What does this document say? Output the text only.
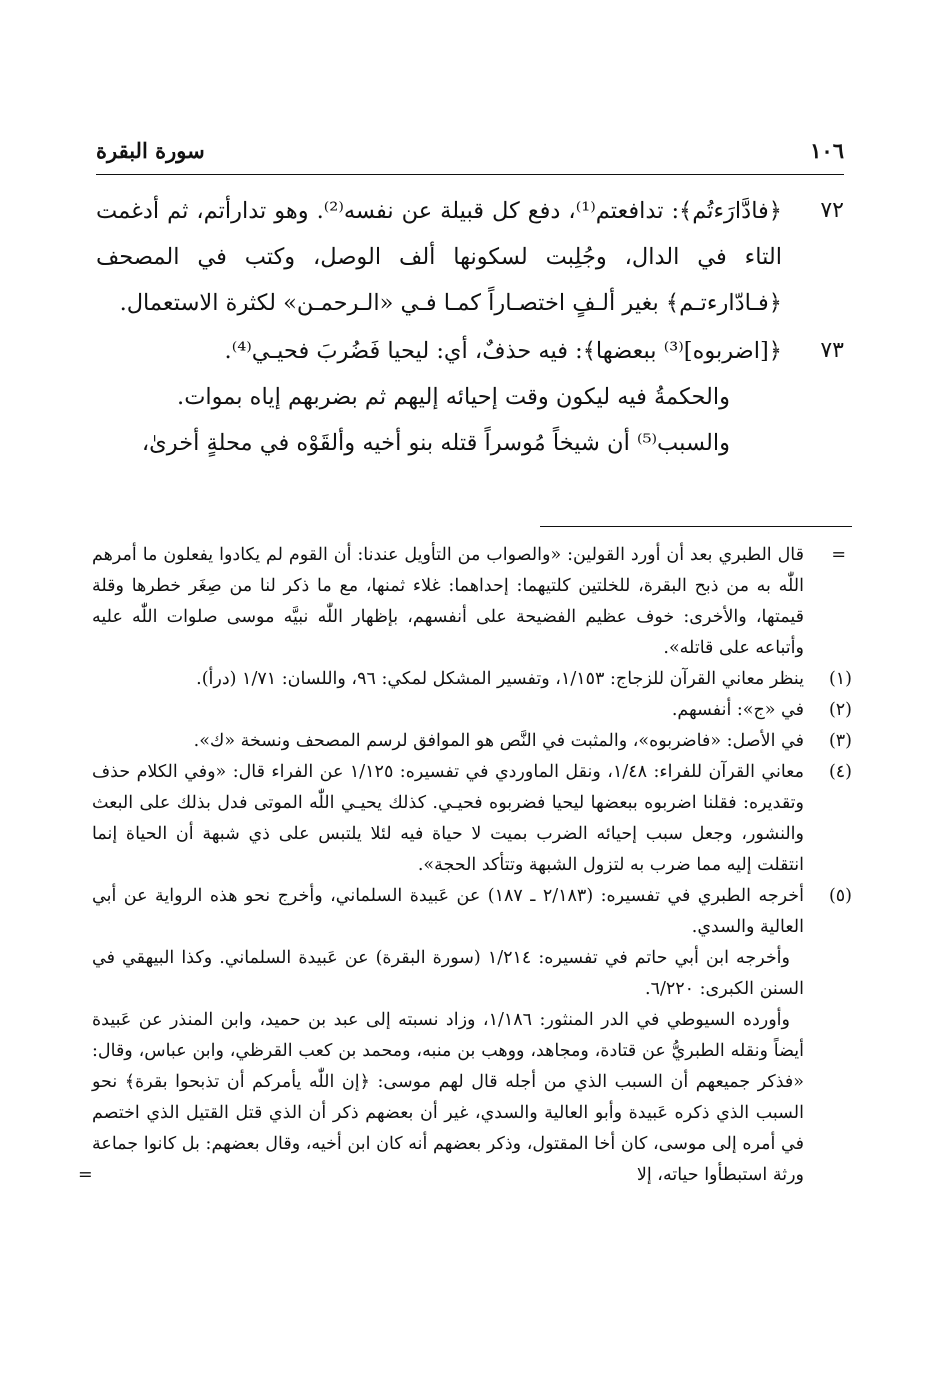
١٠٦
سورة البقرة
٧٢
﴿فادَّارَءتُم﴾: تدافعتم⁽¹⁾، دفع كل قبيلة عن نفسه⁽²⁾. وهو تدارأتم، ثم أدغمت التاء في الدال، وجُلِبت لسكونها ألف الوصل، وكتب في المصحف ﴿فـادّارءتـم﴾ بغير ألـفٍ اختصـاراً كمـا فـي «الـرحمـن» لكثرة الاستعمال.
٧٣
﴿[اضربوه]⁽³⁾ ببعضها﴾: فيه حذفٌ، أي: ليحيا فَضُربَ فحيـي⁽⁴⁾.
والحكمةُ فيه ليكون وقت إحيائه إليهم ثم بضربهم إياه بموات.
والسبب⁽⁵⁾ أن شيخاً مُوسراً قتله بنو أخيه وألقَوْه في محلةٍ أخرىٰ،
=
قال الطبري بعد أن أورد القولين: «والصواب من التأويل عندنا: أن القوم لم يكادوا يفعلون ما أمرهم اللّٰه به من ذبح البقرة، للخلتين كلتيهما: إحداهما: غلاء ثمنها، مع ما ذكر لنا من صِغَر خطرها وقلة قيمتها، والأخرى: خوف عظيم الفضيحة على أنفسهم، بإظهار اللّٰه نبيَّه موسى صلوات اللّٰه عليه وأتباعه على قاتله».
(١)
ينظر معاني القرآن للزجاج: ١/١٥٣، وتفسير المشكل لمكي: ٩٦، واللسان: ١/٧١ (درأ).
(٢)
في «ج»: أنفسهم.
(٣)
في الأصل: «فاضربوه»، والمثبت في النَّص هو الموافق لرسم المصحف ونسخة «ك».
(٤)
معاني القرآن للفراء: ١/٤٨، ونقل الماوردي في تفسيره: ١/١٢٥ عن الفراء قال: «وفي الكلام حذف وتقديره: فقلنا اضربوه ببعضها ليحيا فضربوه فحيـي. كذلك يحيـي اللّٰه الموتى فدل بذلك على البعث والنشور، وجعل سبب إحيائه الضرب بميت لا حياة فيه لئلا يلتبس على ذي شبهة أن الحياة إنما انتقلت إليه مما ضرب به لتزول الشبهة وتتأكد الحجة».
(٥)
أخرجه الطبري في تفسيره: (٢/١٨٣ ـ ١٨٧) عن عَبيدة السلماني، وأخرج نحو هذه الرواية عن أبي العالية والسدي.
وأخرجه ابن أبي حاتم في تفسيره: ١/٢١٤ (سورة البقرة) عن عَبيدة السلماني. وكذا البيهقي في السنن الكبرى: ٦/٢٢٠.
وأورده السيوطي في الدر المنثور: ١/١٨٦، وزاد نسبته إلى عبد بن حميد، وابن المنذر عن عَبيدة أيضاً ونقله الطبريُّ عن قتادة، ومجاهد، ووهب بن منبه، ومحمد بن كعب القرظي، وابن عباس، وقال: «فذكر جميعهم أن السبب الذي من أجله قال لهم موسى: ﴿إن اللّٰه يأمركم أن تذبحوا بقرة﴾ نحو السبب الذي ذكره عَبيدة وأبو العالية والسدي، غير أن بعضهم ذكر أن الذي قتل القتيل الذي اختصم في أمره إلى موسى، كان أخا المقتول، وذكر بعضهم أنه كان ابن أخيه، وقال بعضهم: بل كانوا جماعة ورثة استبطأوا حياته، إلا
=
